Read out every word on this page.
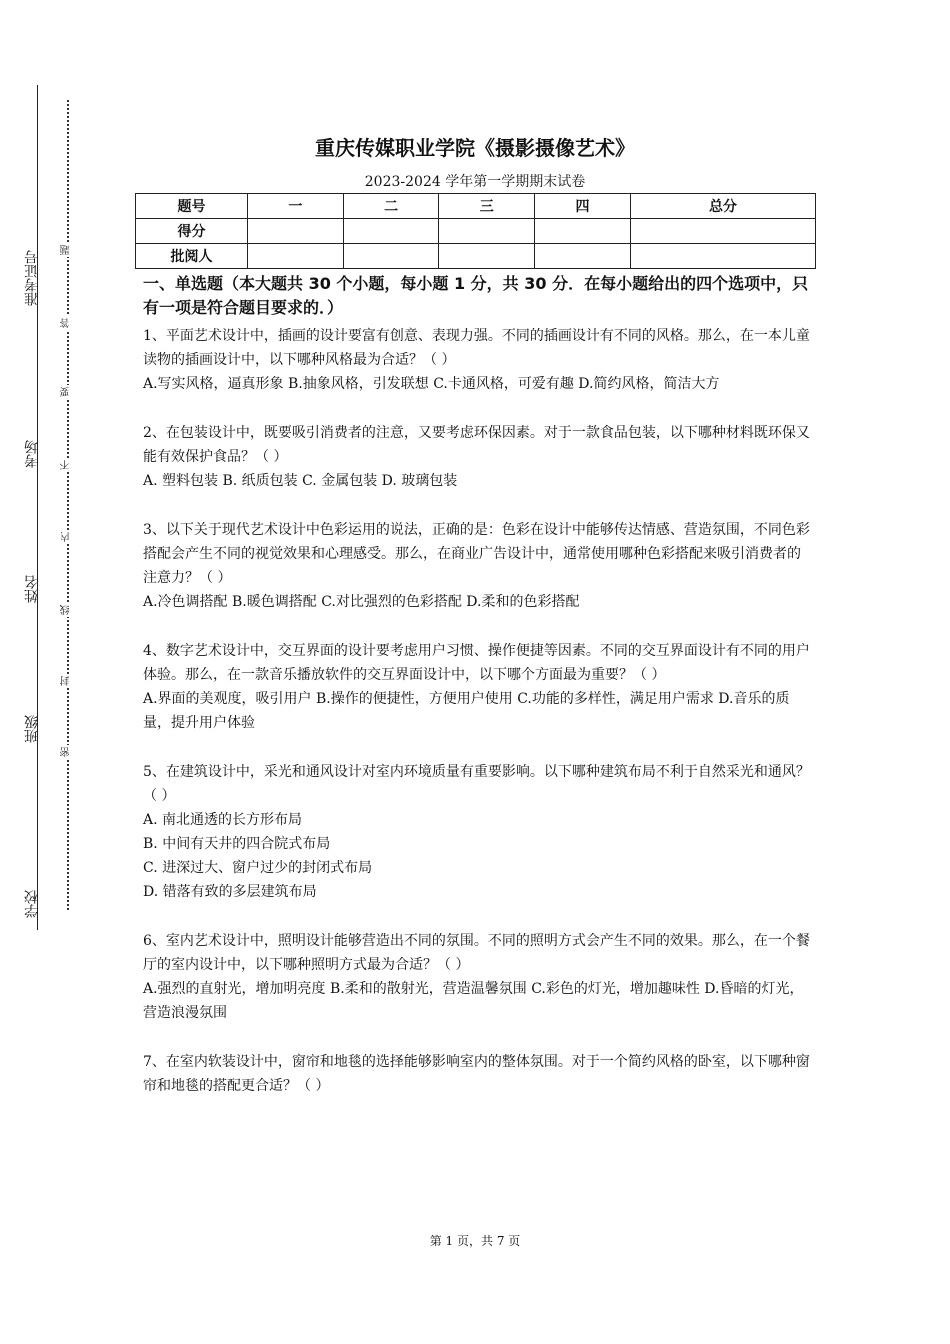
准考证号
考场
姓名
班级
学校
题
答
要
不
内
线
封
密
重庆传媒职业学院《摄影摄像艺术》
2023-2024 学年第一学期期末试卷
题号	一	二	三	四	总分
得分					
批阅人					
一、单选题（本大题共 30 个小题，每小题 1 分，共 30 分．在每小题给出的四个选项中，只有一项是符合题目要求的．）

1、平面艺术设计中，插画的设计要富有创意、表现力强。不同的插画设计有不同的风格。那么，在一本儿童读物的插画设计中，以下哪种风格最为合适？（ ）

A.写实风格，逼真形象 B.抽象风格，引发联想 C.卡通风格，可爱有趣 D.简约风格，简洁大方

2、在包装设计中，既要吸引消费者的注意，又要考虑环保因素。对于一款食品包装，以下哪种材料既环保又能有效保护食品？（ ）

A. 塑料包装 B. 纸质包装 C. 金属包装 D. 玻璃包装

3、以下关于现代艺术设计中色彩运用的说法，正确的是：色彩在设计中能够传达情感、营造氛围，不同色彩搭配会产生不同的视觉效果和心理感受。那么，在商业广告设计中，通常使用哪种色彩搭配来吸引消费者的注意力？（ ）

A.冷色调搭配 B.暖色调搭配 C.对比强烈的色彩搭配 D.柔和的色彩搭配

4、数字艺术设计中，交互界面的设计要考虑用户习惯、操作便捷等因素。不同的交互界面设计有不同的用户体验。那么，在一款音乐播放软件的交互界面设计中，以下哪个方面最为重要？（ ）

A.界面的美观度，吸引用户 B.操作的便捷性，方便用户使用 C.功能的多样性，满足用户需求 D.音乐的质量，提升用户体验

5、在建筑设计中，采光和通风设计对室内环境质量有重要影响。以下哪种建筑布局不利于自然采光和通风？（ ）

A. 南北通透的长方形布局

B. 中间有天井的四合院式布局

C. 进深过大、窗户过少的封闭式布局

D. 错落有致的多层建筑布局

6、室内艺术设计中，照明设计能够营造出不同的氛围。不同的照明方式会产生不同的效果。那么，在一个餐厅的室内设计中，以下哪种照明方式最为合适？（ ）

A.强烈的直射光，增加明亮度 B.柔和的散射光，营造温馨氛围 C.彩色的灯光，增加趣味性 D.昏暗的灯光，营造浪漫氛围

7、在室内软装设计中，窗帘和地毯的选择能够影响室内的整体氛围。对于一个简约风格的卧室，以下哪种窗帘和地毯的搭配更合适？（ ）

第 1 页，共 7 页
